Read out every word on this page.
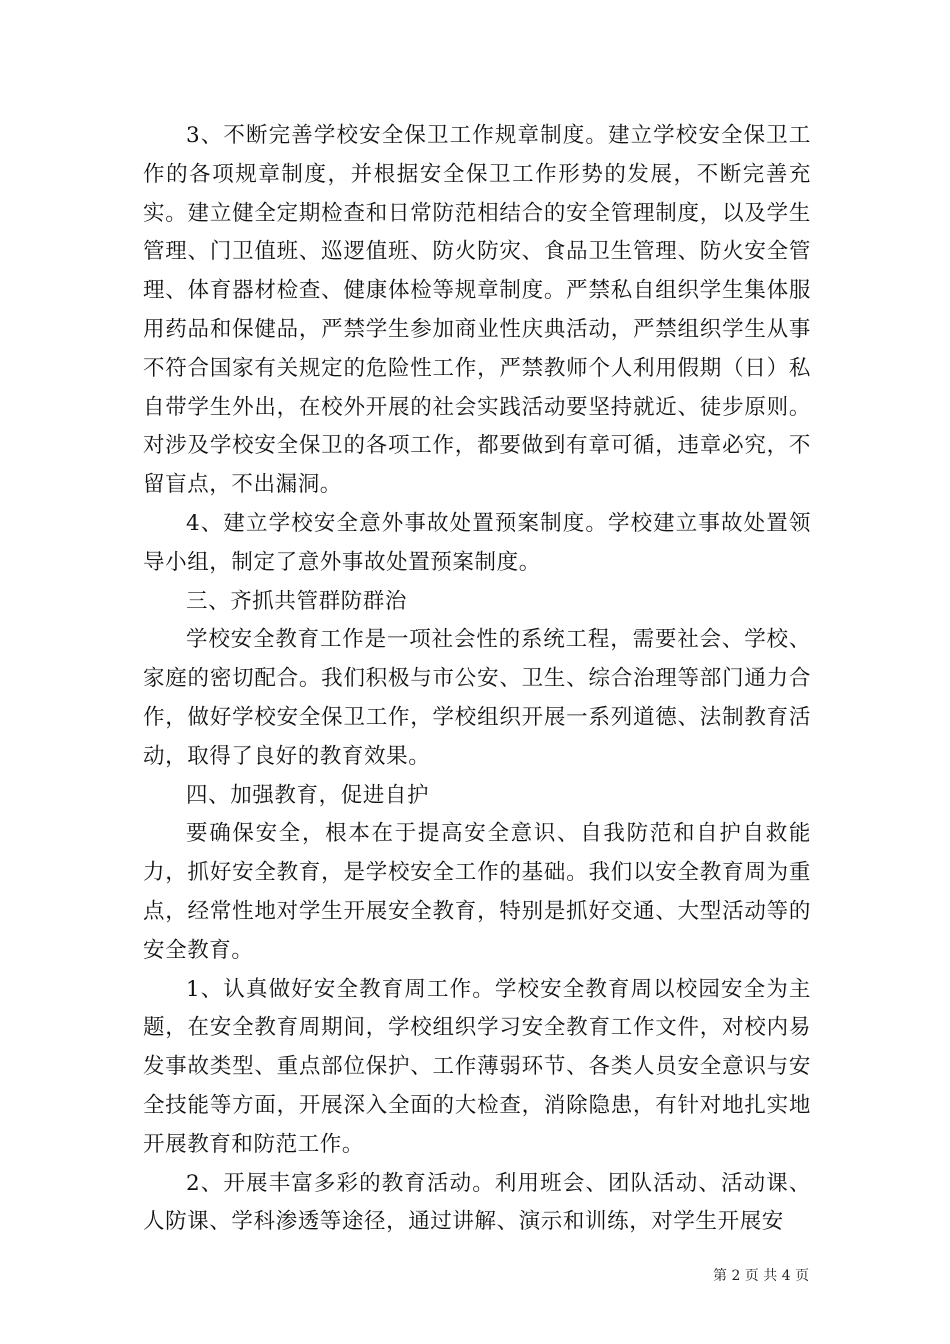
3、不断完善学校安全保卫工作规章制度。建立学校安全保卫工作的各项规章制度，并根据安全保卫工作形势的发展，不断完善充实。建立健全定期检查和日常防范相结合的安全管理制度，以及学生管理、门卫值班、巡逻值班、防火防灾、食品卫生管理、防火安全管理、体育器材检查、健康体检等规章制度。严禁私自组织学生集体服用药品和保健品，严禁学生参加商业性庆典活动，严禁组织学生从事不符合国家有关规定的危险性工作，严禁教师个人利用假期（日）私自带学生外出，在校外开展的社会实践活动要坚持就近、徒步原则。对涉及学校安全保卫的各项工作，都要做到有章可循，违章必究，不留盲点，不出漏洞。

4、建立学校安全意外事故处置预案制度。学校建立事故处置领导小组，制定了意外事故处置预案制度。

三、齐抓共管群防群治

学校安全教育工作是一项社会性的系统工程，需要社会、学校、家庭的密切配合。我们积极与市公安、卫生、综合治理等部门通力合作，做好学校安全保卫工作，学校组织开展一系列道德、法制教育活动，取得了良好的教育效果。

四、加强教育，促进自护

要确保安全，根本在于提高安全意识、自我防范和自护自救能力，抓好安全教育，是学校安全工作的基础。我们以安全教育周为重点，经常性地对学生开展安全教育，特别是抓好交通、大型活动等的安全教育。

1、认真做好安全教育周工作。学校安全教育周以校园安全为主题，在安全教育周期间，学校组织学习安全教育工作文件，对校内易发事故类型、重点部位保护、工作薄弱环节、各类人员安全意识与安全技能等方面，开展深入全面的大检查，消除隐患，有针对地扎实地开展教育和防范工作。

2、开展丰富多彩的教育活动。利用班会、团队活动、活动课、人防课、学科渗透等途径，通过讲解、演示和训练，对学生开展安

第 2 页 共 4 页
